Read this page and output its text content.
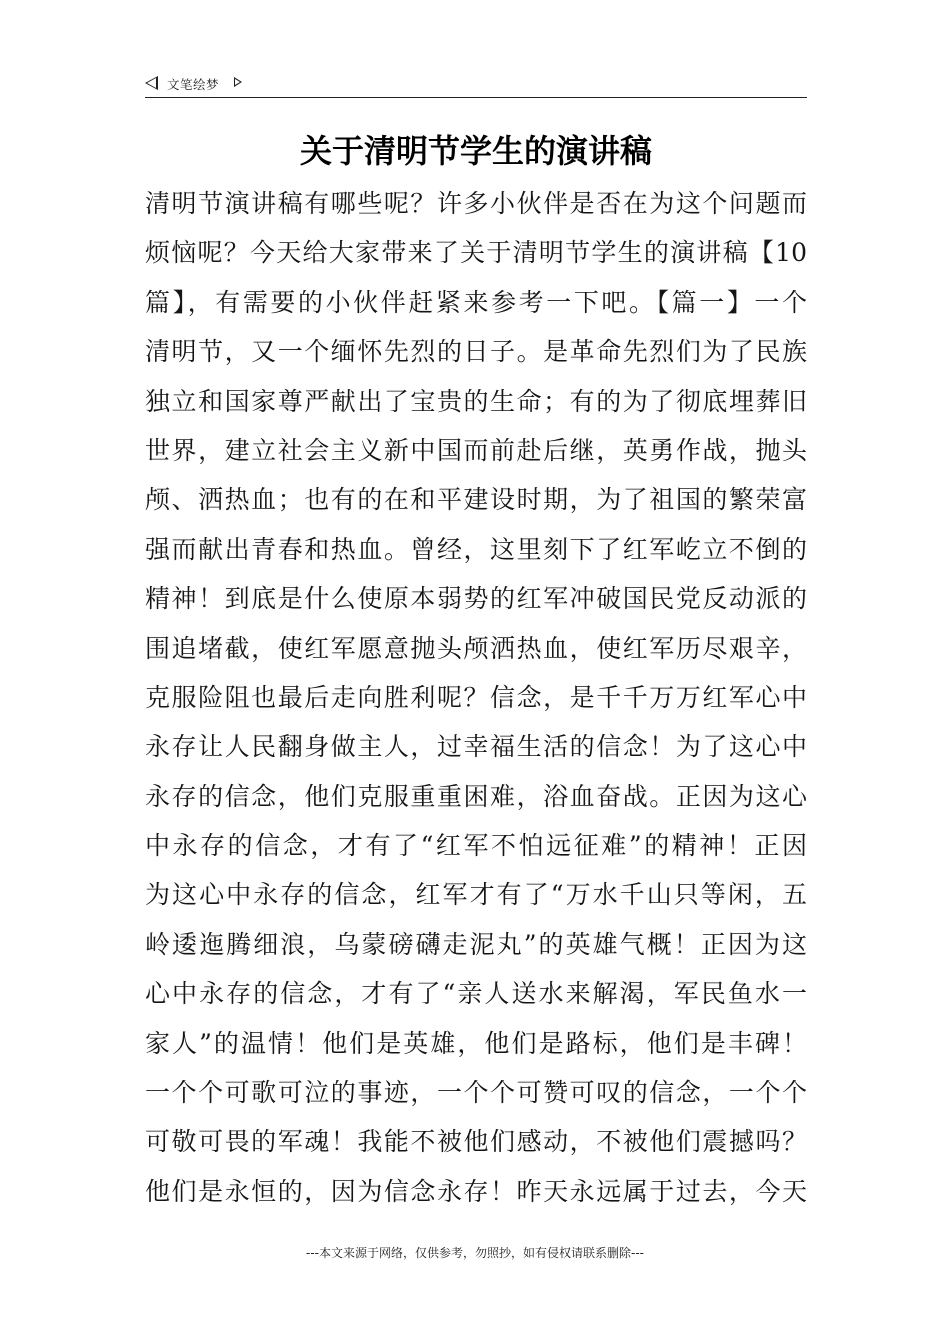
文笔绘梦
关于清明节学生的演讲稿
清明节演讲稿有哪些呢？许多小伙伴是否在为这个问题而
烦恼呢？今天给大家带来了关于清明节学生的演讲稿【10
篇】，有需要的小伙伴赶紧来参考一下吧。【篇一】一个
清明节，又一个缅怀先烈的日子。是革命先烈们为了民族
独立和国家尊严献出了宝贵的生命；有的为了彻底埋葬旧
世界，建立社会主义新中国而前赴后继，英勇作战，抛头
颅、洒热血；也有的在和平建设时期，为了祖国的繁荣富
强而献出青春和热血。曾经，这里刻下了红军屹立不倒的
精神！到底是什么使原本弱势的红军冲破国民党反动派的
围追堵截，使红军愿意抛头颅洒热血，使红军历尽艰辛，
克服险阻也最后走向胜利呢？信念，是千千万万红军心中
永存让人民翻身做主人，过幸福生活的信念！为了这心中
永存的信念，他们克服重重困难，浴血奋战。正因为这心
中永存的信念，才有了“红军不怕远征难”的精神！正因
为这心中永存的信念，红军才有了“万水千山只等闲，五
岭逶迤腾细浪，乌蒙磅礴走泥丸”的英雄气概！正因为这
心中永存的信念，才有了“亲人送水来解渴，军民鱼水一
家人”的温情！他们是英雄，他们是路标，他们是丰碑！
一个个可歌可泣的事迹，一个个可赞可叹的信念，一个个
可敬可畏的军魂！我能不被他们感动，不被他们震撼吗？
他们是永恒的，因为信念永存！昨天永远属于过去，今天
---本文来源于网络，仅供参考，勿照抄，如有侵权请联系删除---
